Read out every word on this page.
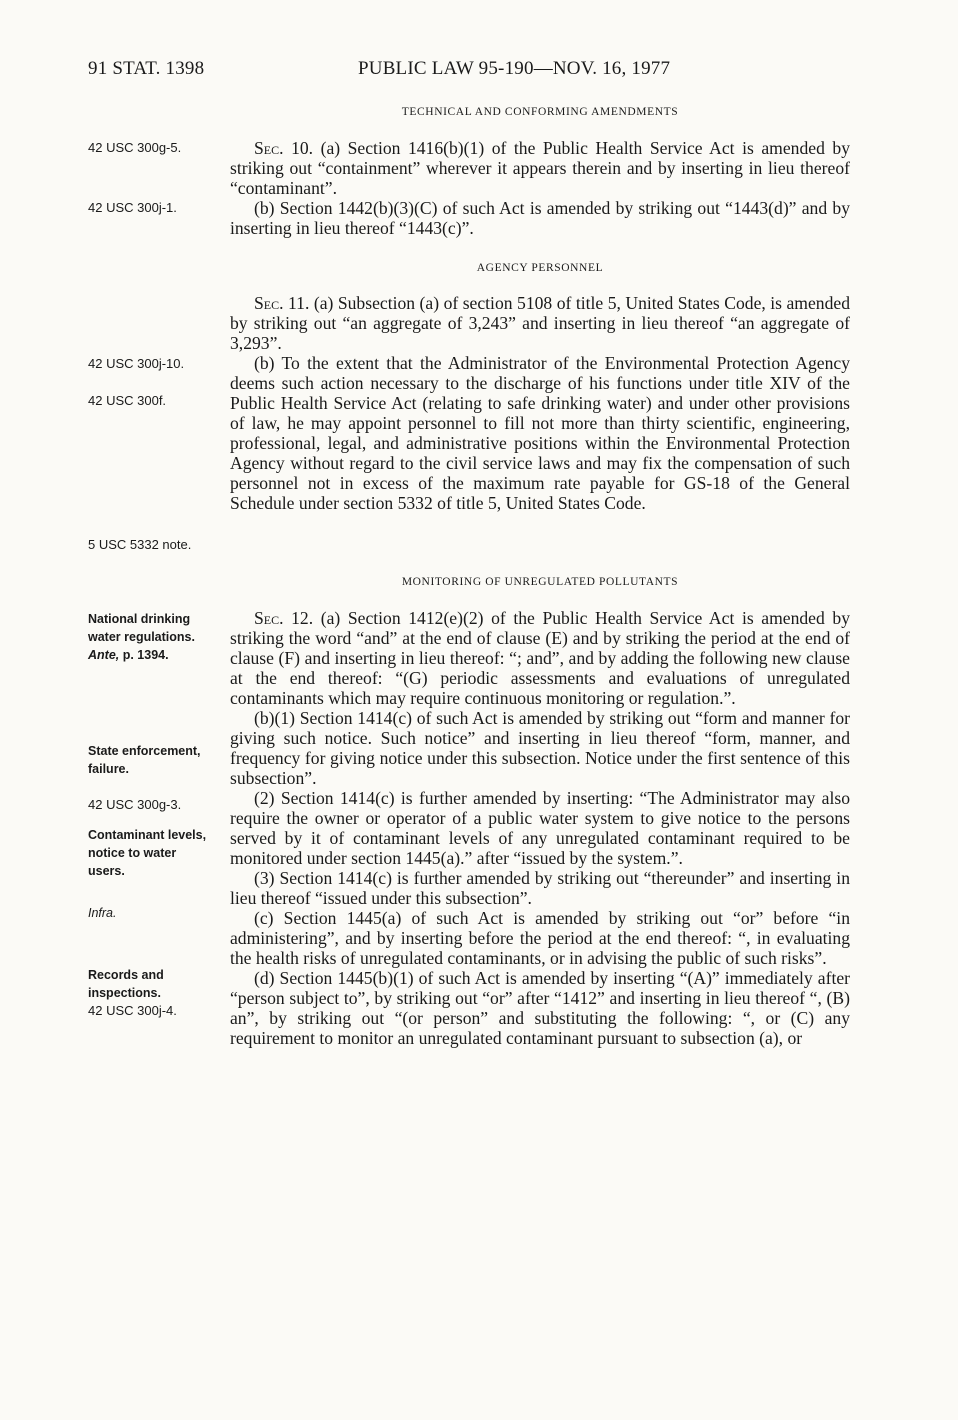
91 STAT. 1398	PUBLIC LAW 95-190—NOV. 16, 1977
TECHNICAL AND CONFORMING AMENDMENTS

Sec. 10. (a) Section 1416(b)(1) of the Public Health Service Act is amended by striking out “containment” wherever it appears therein and by inserting in lieu thereof “contaminant”.

(b) Section 1442(b)(3)(C) of such Act is amended by striking out “1443(d)” and by inserting in lieu thereof “1443(c)”.

AGENCY PERSONNEL

Sec. 11. (a) Subsection (a) of section 5108 of title 5, United States Code, is amended by striking out “an aggregate of 3,243” and inserting in lieu thereof “an aggregate of 3,293”.

(b) To the extent that the Administrator of the Environmental Protection Agency deems such action necessary to the discharge of his functions under title XIV of the Public Health Service Act (relating to safe drinking water) and under other provisions of law, he may appoint personnel to fill not more than thirty scientific, engineering, professional, legal, and administrative positions within the Environmental Protection Agency without regard to the civil service laws and may fix the compensation of such personnel not in excess of the maximum rate payable for GS-18 of the General Schedule under section 5332 of title 5, United States Code.

MONITORING OF UNREGULATED POLLUTANTS

Sec. 12. (a) Section 1412(e)(2) of the Public Health Service Act is amended by striking the word “and” at the end of clause (E) and by striking the period at the end of clause (F) and inserting in lieu thereof: “; and”, and by adding the following new clause at the end thereof: “(G) periodic assessments and evaluations of unregulated contaminants which may require continuous monitoring or regulation.”.

(b)(1) Section 1414(c) of such Act is amended by striking out “form and manner for giving such notice. Such notice” and inserting in lieu thereof “form, manner, and frequency for giving notice under this subsection. Notice under the first sentence of this subsection”.

(2) Section 1414(c) is further amended by inserting: “The Administrator may also require the owner or operator of a public water system to give notice to the persons served by it of contaminant levels of any unregulated contaminant required to be monitored under section 1445(a).” after “issued by the system.”.

(3) Section 1414(c) is further amended by striking out “thereunder” and inserting in lieu thereof “issued under this subsection”.

(c) Section 1445(a) of such Act is amended by striking out “or” before “in administering”, and by inserting before the period at the end thereof: “, in evaluating the health risks of unregulated contaminants, or in advising the public of such risks”.

(d) Section 1445(b)(1) of such Act is amended by inserting “(A)” immediately after “person subject to”, by striking out “or” after “1412” and inserting in lieu thereof “, (B) an”, by striking out “(or person” and substituting the following: “, or (C) any requirement to monitor an unregulated contaminant pursuant to subsection (a), or

42 USC 300g-5.
42 USC 300j-1.
42 USC 300j-10.
42 USC 300f.
5 USC 5332 note.
National drinking water regulations.
Ante, p. 1394.
State enforcement, failure.
42 USC 300g-3.
Contaminant levels, notice to water users.
Infra.
Records and inspections.
42 USC 300j-4.
